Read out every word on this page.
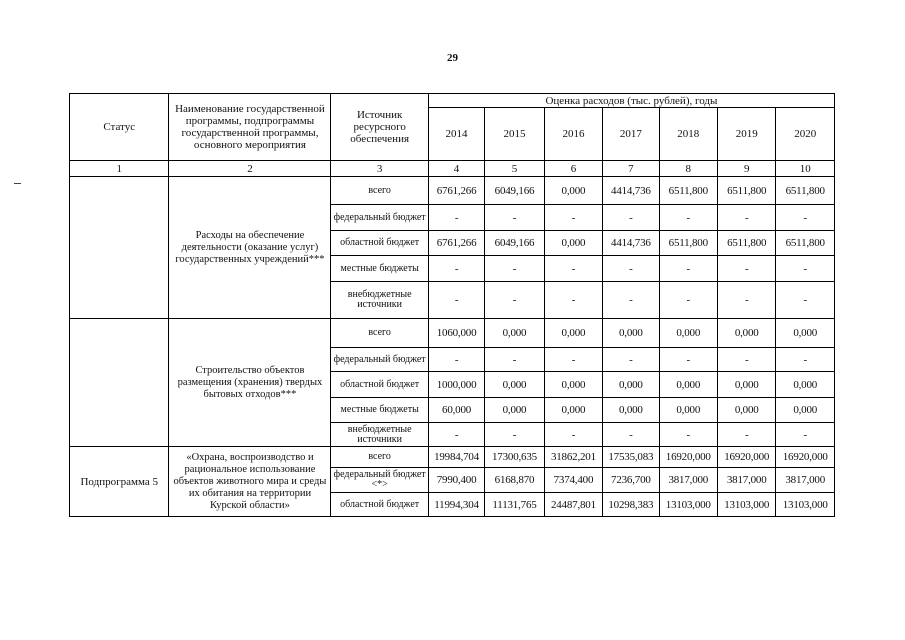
29
Статус	Наименование государственной программы, подпрограммы государственной программы, основного мероприятия	Источник ресурсного обеспечения	Оценка расходов (тыс. рублей), годы						
			2014	2015	2016	2017	2018	2019	2020
1	2	3	4	5	6	7	8	9	10
	Расходы на обеспечение деятельности (оказание услуг) государственных учреждений***	всего	6761,266	6049,166	0,000	4414,736	6511,800	6511,800	6511,800
		федеральный бюджет	-	-	-	-	-	-	-
		областной бюджет	6761,266	6049,166	0,000	4414,736	6511,800	6511,800	6511,800
		местные бюджеты	-	-	-	-	-	-	-
		внебюджетные источники	-	-	-	-	-	-	-
	Строительство объектов размещения (хранения) твердых бытовых отходов***	всего	1060,000	0,000	0,000	0,000	0,000	0,000	0,000
		федеральный бюджет	-	-	-	-	-	-	-
		областной бюджет	1000,000	0,000	0,000	0,000	0,000	0,000	0,000
		местные бюджеты	60,000	0,000	0,000	0,000	0,000	0,000	0,000
		внебюджетные источники	-	-	-	-	-	-	-
Подпрограмма 5	«Охрана, воспроизводство и рациональное использование объектов животного мира и среды их обитания на территории Курской области»	всего	19984,704	17300,635	31862,201	17535,083	16920,000	16920,000	16920,000
		федеральный бюджет <*>	7990,400	6168,870	7374,400	7236,700	3817,000	3817,000	3817,000
		областной бюджет	11994,304	11131,765	24487,801	10298,383	13103,000	13103,000	13103,000
